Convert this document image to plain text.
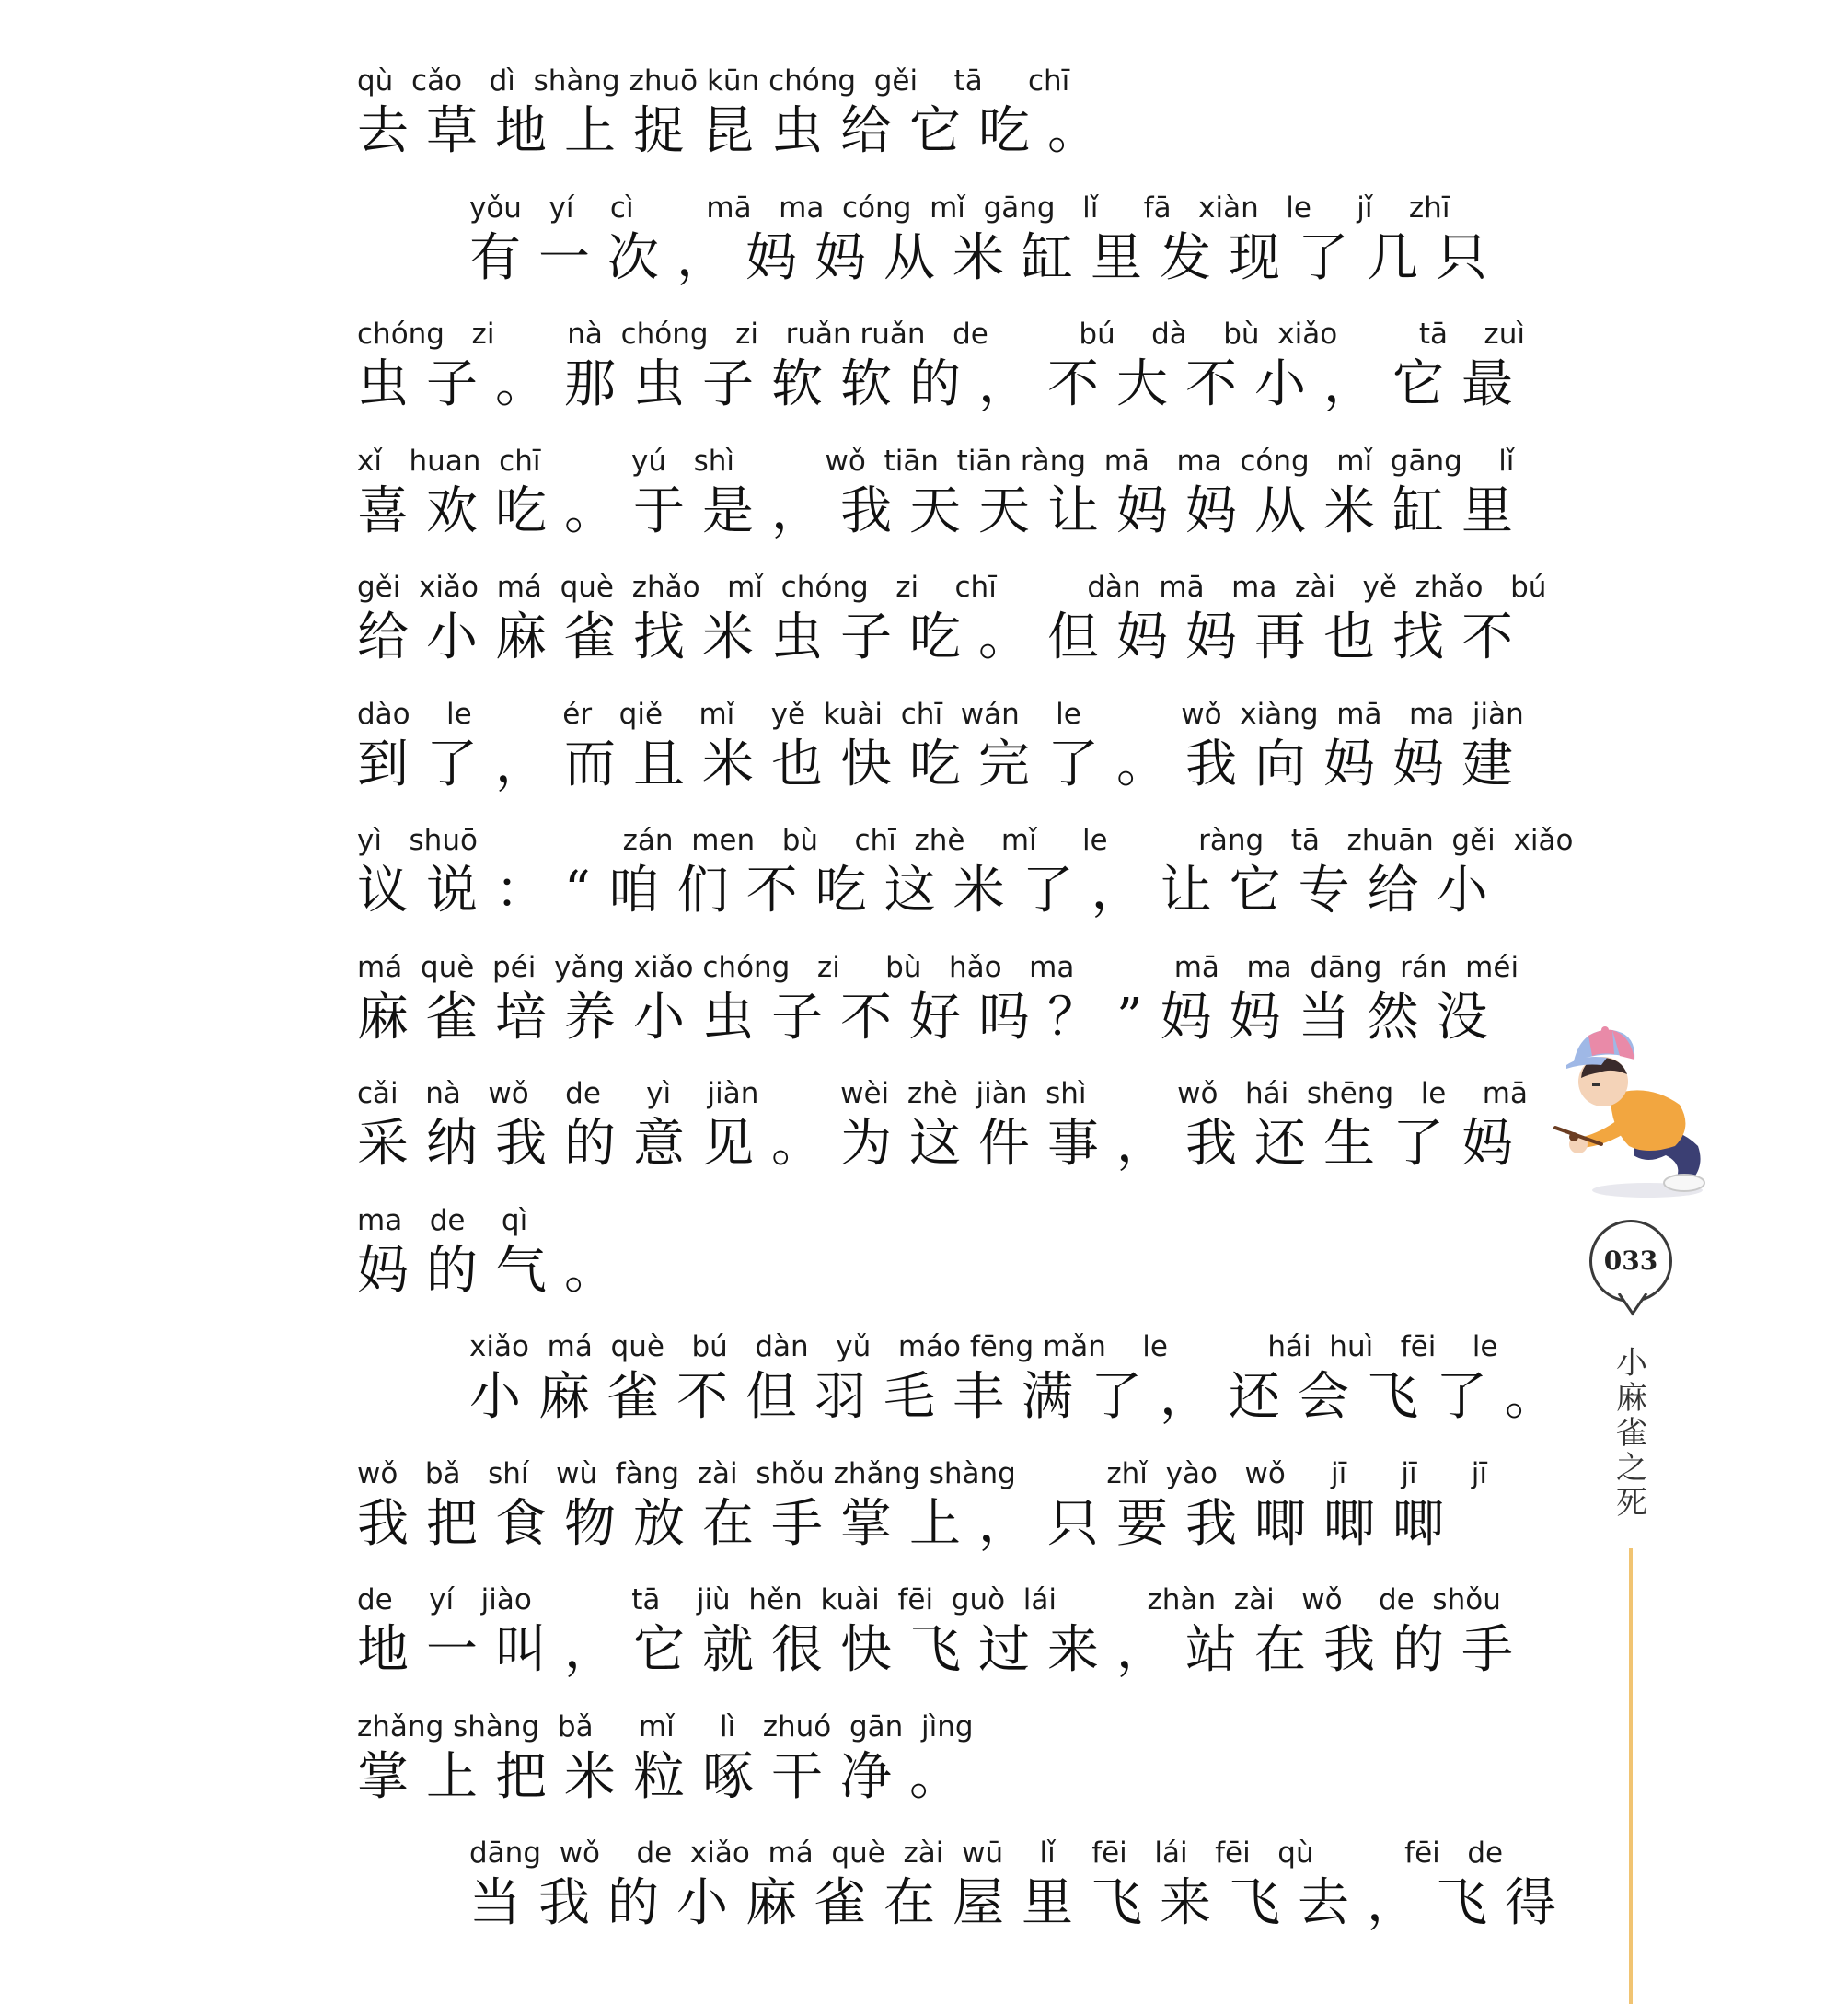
qù  cǎo   dì  shàng zhuō kūn chóng  gěi    tā     chī
去草地上捉昆虫给它吃。
yǒu   yí    cì        mā   ma  cóng  mǐ  gāng   lǐ     fā   xiàn   le     jǐ    zhī
有一次，妈妈从米缸里发现了几只
chóng   zi        nà  chóng   zi   ruǎn ruǎn   de          bú    dà    bù  xiǎo         tā    zuì
虫子。那虫子软软的，不大不小，它最
xǐ   huan  chī          yú   shì          wǒ  tiān  tiān ràng  mā   ma  cóng   mǐ  gāng    lǐ
喜欢吃。于是，我天天让妈妈从米缸里
gěi  xiǎo  má  què  zhǎo   mǐ  chóng   zi    chī          dàn  mā   ma  zài   yě  zhǎo   bú
给小麻雀找米虫子吃。但妈妈再也找不
dào    le          ér   qiě    mǐ    yě  kuài  chī  wán    le           wǒ  xiàng  mā   ma  jiàn
到了，而且米也快吃完了。我向妈妈建
yì   shuō                zán  men   bù    chī  zhè    mǐ     le          ràng   tā   zhuān  gěi  xiǎo
议说：“咱们不吃这米了，让它专给小
má  què  péi  yǎng xiǎo chóng   zi     bù   hǎo   ma           mā   ma  dāng  rán  méi
麻雀培养小虫子不好吗？”妈妈当然没
cǎi   nà   wǒ    de     yì    jiàn         wèi  zhè  jiàn  shì          wǒ   hái  shēng   le    mā
采纳我的意见。为这件事，我还生了妈
ma   de    qì
妈的气。
xiǎo  má  què   bú   dàn   yǔ   máo fēng mǎn    le           hái  huì   fēi    le
小麻雀不但羽毛丰满了，还会飞了。
wǒ   bǎ   shí   wù  fàng  zài  shǒu zhǎng shàng          zhǐ  yào   wǒ     jī      jī      jī
我把食物放在手掌上，只要我唧唧唧
de    yí   jiào           tā    jiù  hěn  kuài  fēi  guò  lái          zhàn  zài   wǒ    de  shǒu
地一叫，它就很快飞过来，站在我的手
zhǎng shàng  bǎ     mǐ     lì   zhuó  gān  jìng
掌上把米粒啄干净。
dāng  wǒ    de  xiǎo  má  què  zài  wū    lǐ    fēi   lái   fēi   qù          fēi   de
当我的小麻雀在屋里飞来飞去，飞得
033
小麻雀之死
